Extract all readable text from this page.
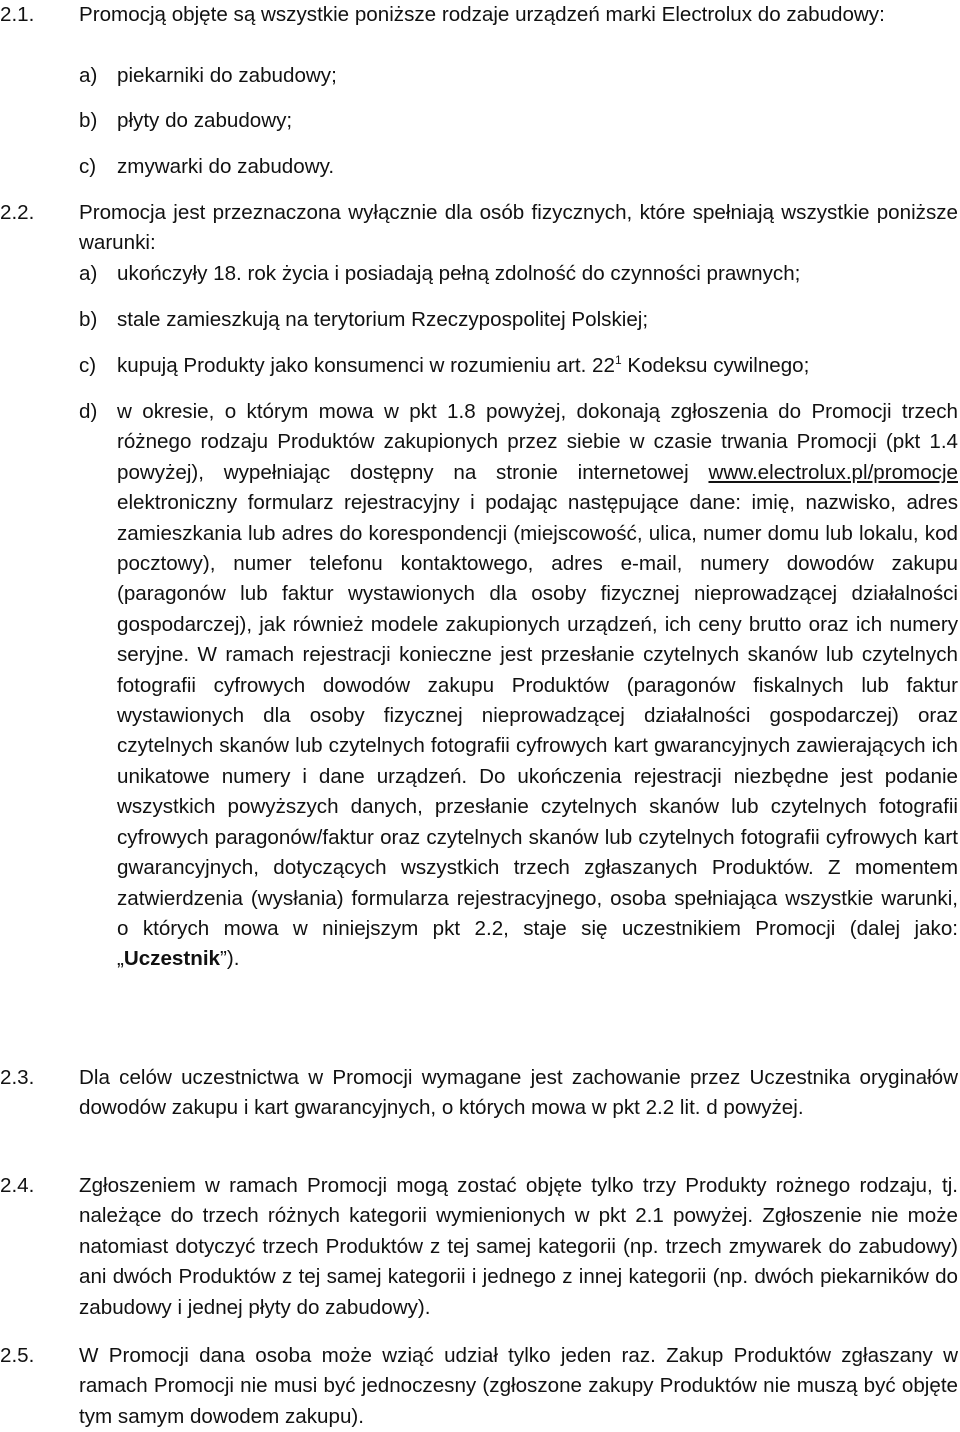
2.1. Promocją objęte są wszystkie poniższe rodzaje urządzeń marki Electrolux do zabudowy:

a) piekarniki do zabudowy;

b) płyty do zabudowy;

c) zmywarki do zabudowy.

2.2. Promocja jest przeznaczona wyłącznie dla osób fizycznych, które spełniają wszystkie poniższe warunki:

a) ukończyły 18. rok życia i posiadają pełną zdolność do czynności prawnych;

b) stale zamieszkują na terytorium Rzeczypospolitej Polskiej;

c) kupują Produkty jako konsumenci w rozumieniu art. $22^1$ Kodeksu cywilnego;

d) w okresie, o którym mowa w pkt 1.8 powyżej, dokonają zgłoszenia do Promocji trzech różnego rodzaju Produktów zakupionych przez siebie w czasie trwania Promocji (pkt 1.4 powyżej), wypełniając dostępny na stronie internetowej www.electrolux.pl/promocje elektroniczny formularz rejestracyjny i podając następujące dane: imię, nazwisko, adres zamieszkania lub adres do korespondencji (miejscowość, ulica, numer domu lub lokalu, kod pocztowy), numer telefonu kontaktowego, adres e-mail, numery dowodów zakupu (paragonów lub faktur wystawionych dla osoby fizycznej nieprowadzącej działalności gospodarczej), jak również modele zakupionych urządzeń, ich ceny brutto oraz ich numery seryjne. W ramach rejestracji konieczne jest przesłanie czytelnych skanów lub czytelnych fotografii cyfrowych dowodów zakupu Produktów (paragonów fiskalnych lub faktur wystawionych dla osoby fizycznej nieprowadzącej działalności gospodarczej) oraz czytelnych skanów lub czytelnych fotografii cyfrowych kart gwarancyjnych zawierających ich unikatowe numery i dane urządzeń. Do ukończenia rejestracji niezbędne jest podanie wszystkich powyższych danych, przesłanie czytelnych skanów lub czytelnych fotografii cyfrowych paragonów/faktur oraz czytelnych skanów lub czytelnych fotografii cyfrowych kart gwarancyjnych, dotyczących wszystkich trzech zgłaszanych Produktów. Z momentem zatwierdzenia (wysłania) formularza rejestracyjnego, osoba spełniająca wszystkie warunki, o których mowa w niniejszym pkt 2.2, staje się uczestnikiem Promocji (dalej jako: „Uczestnik”).

2.3. Dla celów uczestnictwa w Promocji wymagane jest zachowanie przez Uczestnika oryginałów dowodów zakupu i kart gwarancyjnych, o których mowa w pkt 2.2 lit. d powyżej.

2.4. Zgłoszeniem w ramach Promocji mogą zostać objęte tylko trzy Produkty rożnego rodzaju, tj. należące do trzech różnych kategorii wymienionych w pkt 2.1 powyżej. Zgłoszenie nie może natomiast dotyczyć trzech Produktów z tej samej kategorii (np. trzech zmywarek do zabudowy) ani dwóch Produktów z tej samej kategorii i jednego z innej kategorii (np. dwóch piekarników do zabudowy i jednej płyty do zabudowy).

2.5. W Promocji dana osoba może wziąć udział tylko jeden raz. Zakup Produktów zgłaszany w ramach Promocji nie musi być jednoczesny (zgłoszone zakupy Produktów nie muszą być objęte tym samym dowodem zakupu).
